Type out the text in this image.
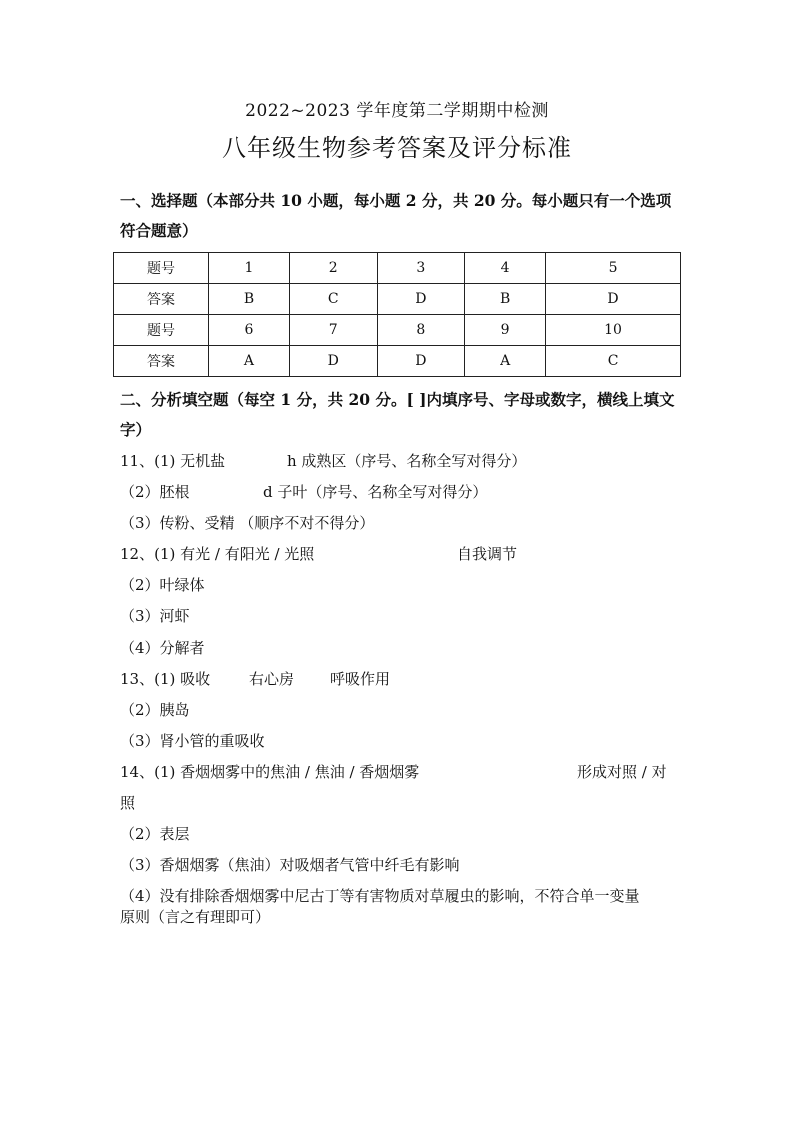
2022~2023 学年度第二学期期中检测
八年级生物参考答案及评分标准
一、选择题（本部分共 10 小题，每小题 2 分，共 20 分。每小题只有一个选项符合题意）
题号	1	2	3	4	5
答案	B	C	D	B	D
题号	6	7	8	9	10
答案	A	D	D	A	C
二、分析填空题（每空 1 分，共 20 分。[ ]内填序号、字母或数字，横线上填文字）
11、(1) 无机盐	h 成熟区（序号、名称全写对得分）
（2）胚根	d 子叶（序号、名称全写对得分）
（3）传粉、受精 （顺序不对不得分）
12、(1) 有光 / 有阳光 / 光照	自我调节
（2）叶绿体
（3）河虾
（4）分解者
13、(1) 吸收	右心房 呼吸作用
（2）胰岛
（3）肾小管的重吸收
14、(1) 香烟烟雾中的焦油 / 焦油 / 香烟烟雾	形成对照 / 对
照
（2）表层
（3）香烟烟雾（焦油）对吸烟者气管中纤毛有影响
（4）没有排除香烟烟雾中尼古丁等有害物质对草履虫的影响，不符合单一变量
原则（言之有理即可）
